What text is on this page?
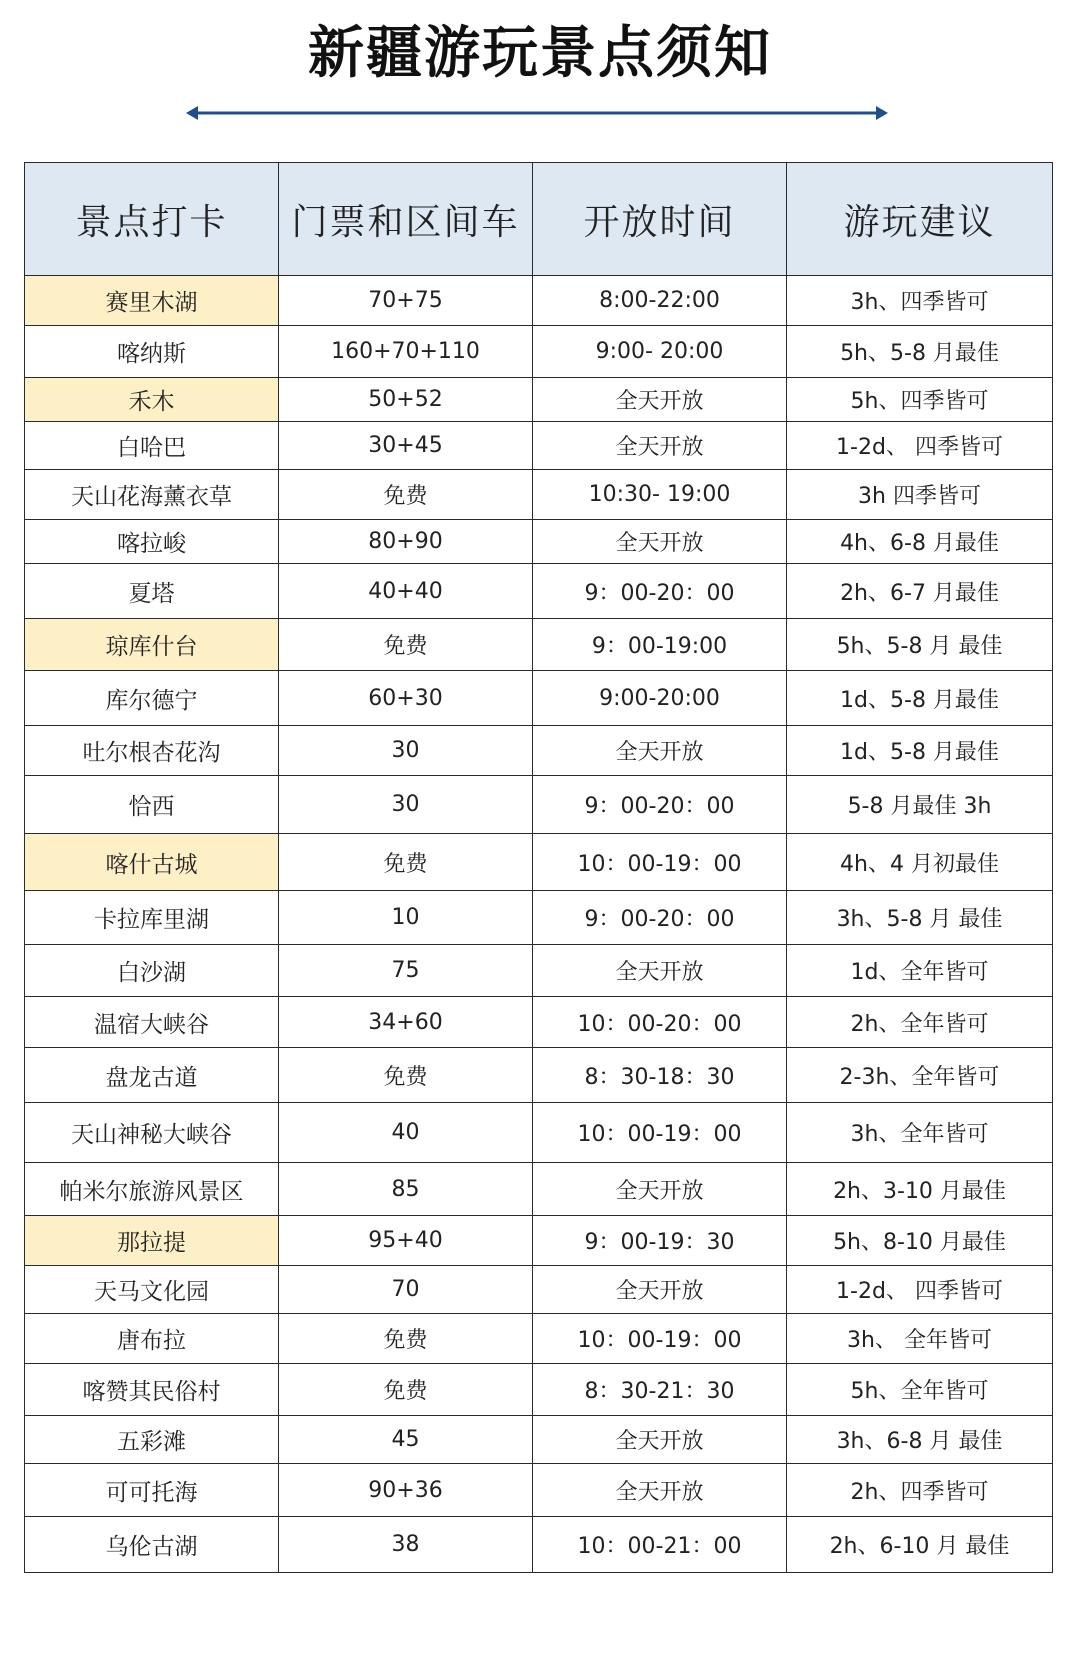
新疆游玩景点须知
景点打卡	门票和区间车	开放时间	游玩建议
赛里木湖	70+75	8:00-22:00	3h、四季皆可
喀纳斯	160+70+110	9:00- 20:00	5h、5-8 月最佳
禾木	50+52	全天开放	5h、四季皆可
白哈巴	30+45	全天开放	1-2d、 四季皆可
天山花海薰衣草	免费	10:30- 19:00	3h 四季皆可
喀拉峻	80+90	全天开放	4h、6-8 月最佳
夏塔	40+40	9：00-20：00	2h、6-7 月最佳
琼库什台	免费	9：00-19:00	5h、5-8 月 最佳
库尔德宁	60+30	9:00-20:00	1d、5-8 月最佳
吐尔根杏花沟	30	全天开放	1d、5-8 月最佳
恰西	30	9：00-20：00	5-8 月最佳 3h
喀什古城	免费	10：00-19：00	4h、4 月初最佳
卡拉库里湖	10	9：00-20：00	3h、5-8 月 最佳
白沙湖	75	全天开放	1d、全年皆可
温宿大峡谷	34+60	10：00-20：00	2h、全年皆可
盘龙古道	免费	8：30-18：30	2-3h、全年皆可
天山神秘大峡谷	40	10：00-19：00	3h、全年皆可
帕米尔旅游风景区	85	全天开放	2h、3-10 月最佳
那拉提	95+40	9：00-19：30	5h、8-10 月最佳
天马文化园	70	全天开放	1-2d、 四季皆可
唐布拉	免费	10：00-19：00	3h、 全年皆可
喀赞其民俗村	免费	8：30-21：30	5h、全年皆可
五彩滩	45	全天开放	3h、6-8 月 最佳
可可托海	90+36	全天开放	2h、四季皆可
乌伦古湖	38	10：00-21：00	2h、6-10 月 最佳
